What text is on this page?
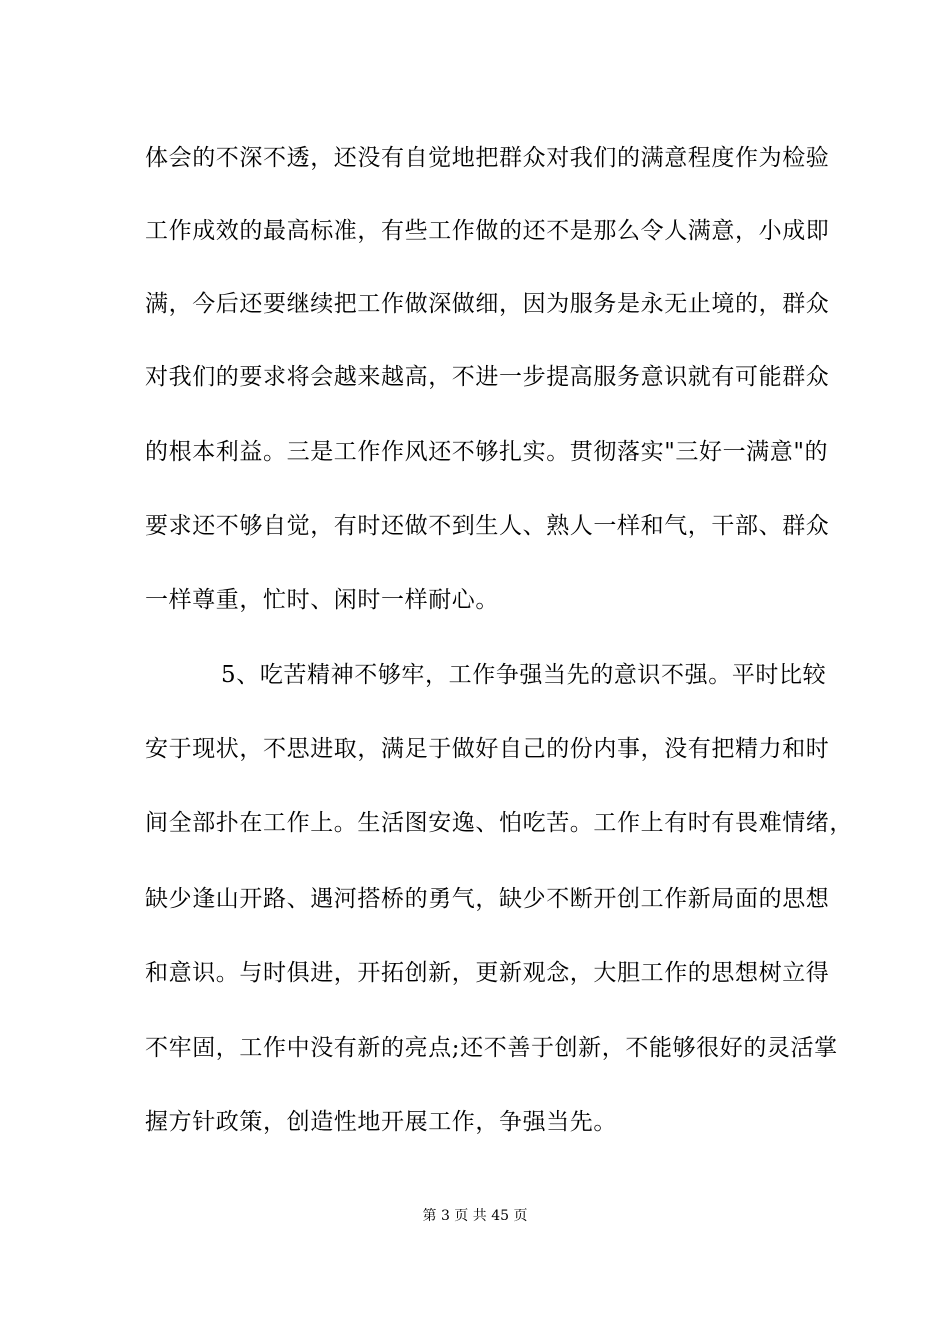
体会的不深不透，还没有自觉地把群众对我们的满意程度作为检验
工作成效的最高标准，有些工作做的还不是那么令人满意，小成即
满，今后还要继续把工作做深做细，因为服务是永无止境的，群众
对我们的要求将会越来越高，不进一步提高服务意识就有可能群众
的根本利益。三是工作作风还不够扎实。贯彻落实"三好一满意"的
要求还不够自觉，有时还做不到生人、熟人一样和气，干部、群众
一样尊重，忙时、闲时一样耐心。
5、吃苦精神不够牢，工作争强当先的意识不强。平时比较
安于现状，不思进取，满足于做好自己的份内事，没有把精力和时
间全部扑在工作上。生活图安逸、怕吃苦。工作上有时有畏难情绪，
缺少逢山开路、遇河搭桥的勇气，缺少不断开创工作新局面的思想
和意识。与时俱进，开拓创新，更新观念，大胆工作的思想树立得
不牢固，工作中没有新的亮点;还不善于创新，不能够很好的灵活掌
握方针政策，创造性地开展工作，争强当先。
第 3 页 共 45 页
